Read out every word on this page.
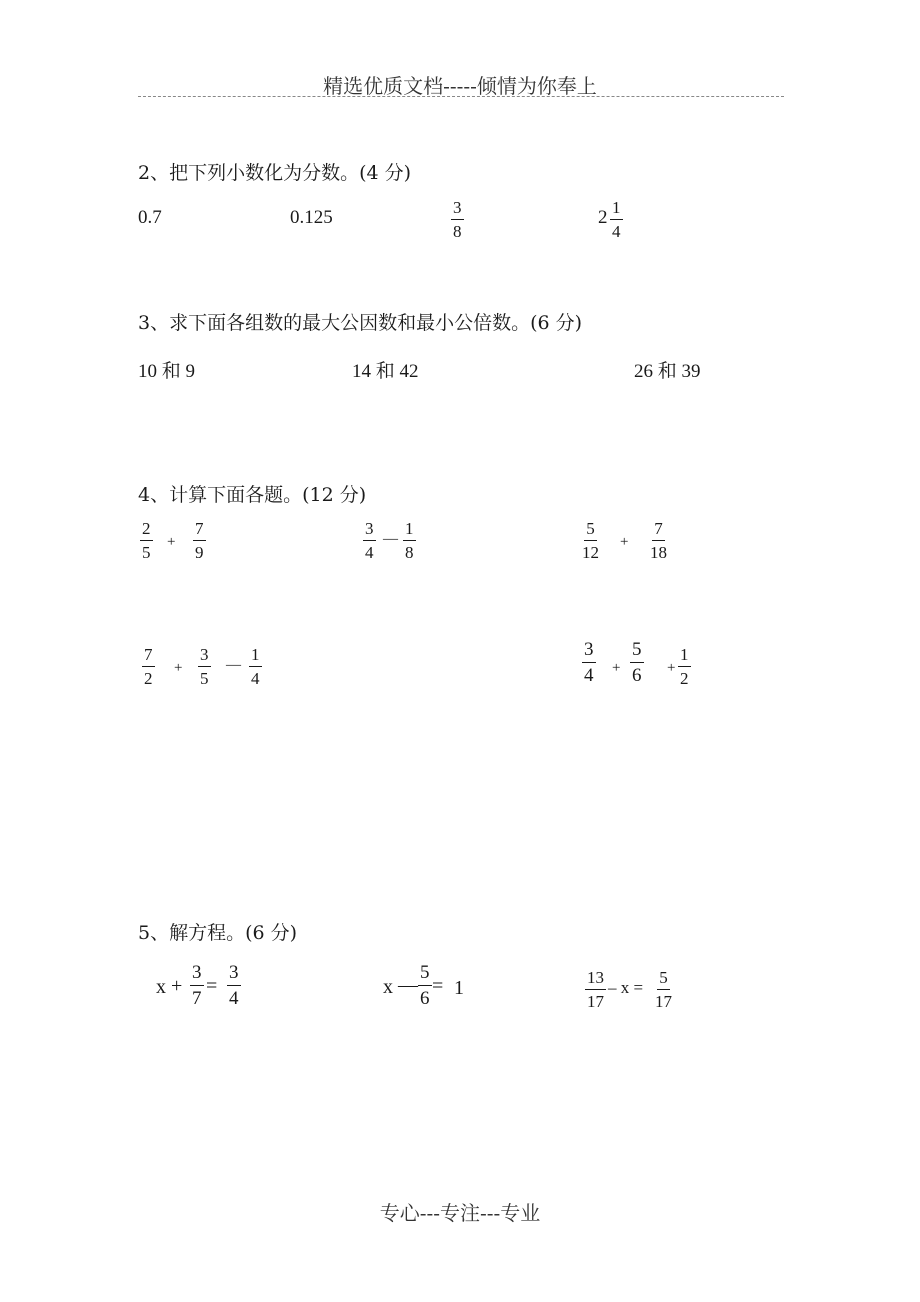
精选优质文档-----倾情为你奉上
2、把下列小数化为分数。(4 分)
0.7	0.125	$\frac{3}{8}$	$2 \frac{1}{4}$
3、求下面各组数的最大公因数和最小公倍数。(6 分)
10 和 9	14 和 42	26 和 39
4、计算下面各题。(12 分)
$\frac{2}{5} + \frac{7}{9}$	$\frac{3}{4}$ — $\frac{1}{8}$	$\frac{5}{12} + \frac{7}{18}$
$\frac{7}{2} + \frac{3}{5}$ — $\frac{1}{4}$	$\frac{3}{4} + \frac{5}{6} + \frac{1}{2}$
5、解方程。(6 分)
$x + \frac{3}{7} = \frac{3}{4}$	x — $\frac{5}{6} = 1$	$\frac{13}{17} - x = \frac{5}{17}$
专心---专注---专业
